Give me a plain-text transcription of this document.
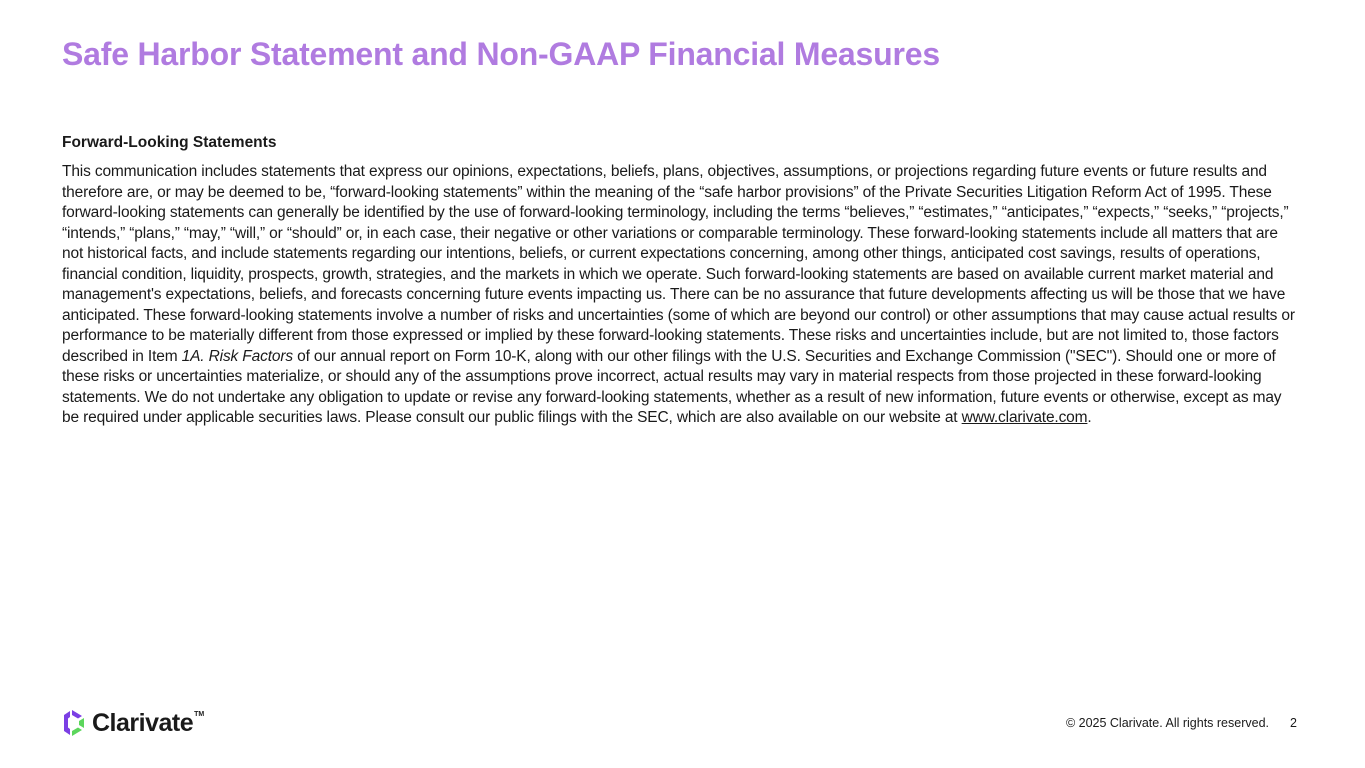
Safe Harbor Statement and Non-GAAP Financial Measures
Forward-Looking Statements

This communication includes statements that express our opinions, expectations, beliefs, plans, objectives, assumptions, or projections regarding future events or future results and therefore are, or may be deemed to be, “forward-looking statements” within the meaning of the “safe harbor provisions” of the Private Securities Litigation Reform Act of 1995. These forward-looking statements can generally be identified by the use of forward-looking terminology, including the terms “believes,” “estimates,” “anticipates,” “expects,” “seeks,” “projects,” “intends,” “plans,” “may,” “will,” or “should” or, in each case, their negative or other variations or comparable terminology. These forward-looking statements include all matters that are not historical facts, and include statements regarding our intentions, beliefs, or current expectations concerning, among other things, anticipated cost savings, results of operations, financial condition, liquidity, prospects, growth, strategies, and the markets in which we operate. Such forward-looking statements are based on available current market material and management's expectations, beliefs, and forecasts concerning future events impacting us. There can be no assurance that future developments affecting us will be those that we have anticipated. These forward-looking statements involve a number of risks and uncertainties (some of which are beyond our control) or other assumptions that may cause actual results or performance to be materially different from those expressed or implied by these forward-looking statements. These risks and uncertainties include, but are not limited to, those factors described in Item 1A. Risk Factors of our annual report on Form 10-K, along with our other filings with the U.S. Securities and Exchange Commission ("SEC"). Should one or more of these risks or uncertainties materialize, or should any of the assumptions prove incorrect, actual results may vary in material respects from those projected in these forward-looking statements. We do not undertake any obligation to update or revise any forward-looking statements, whether as a result of new information, future events or otherwise, except as may be required under applicable securities laws. Please consult our public filings with the SEC, which are also available on our website at www.clarivate.com.

Clarivate TM
© 2025 Clarivate. All rights reserved. 2
